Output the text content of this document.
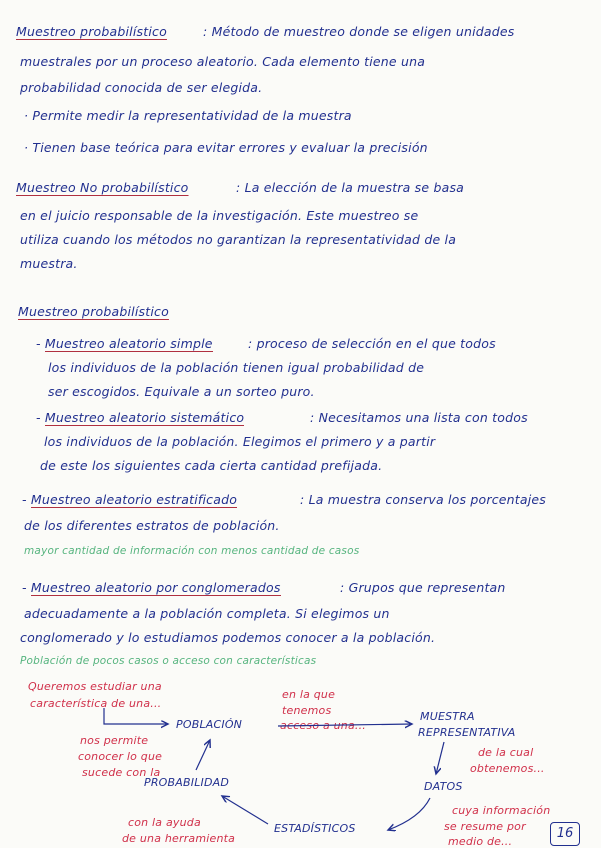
Muestreo probabilístico	: Método de muestreo donde se eligen unidades
muestrales por un proceso aleatorio. Cada elemento tiene una
probabilidad conocida de ser elegida.
· Permite medir la representatividad de la muestra
· Tienen base teórica para evitar errores y evaluar la precisión
Muestreo No probabilístico	: La elección de la muestra se basa
en el juicio responsable de la investigación. Este muestreo se
utiliza cuando los métodos no garantizan la representatividad de la
muestra.
Muestreo probabilístico
- Muestreo aleatorio simple	: proceso de selección en el que todos
los individuos de la población tienen igual probabilidad de
ser escogidos. Equivale a un sorteo puro.
- Muestreo aleatorio sistemático	: Necesitamos una lista con todos
los individuos de la población. Elegimos el primero y a partir
de este los siguientes cada cierta cantidad prefijada.
- Muestreo aleatorio estratificado	: La muestra conserva los porcentajes
de los diferentes estratos de población.
mayor cantidad de información con menos cantidad de casos
- Muestreo aleatorio por conglomerados	: Grupos que representan
adecuadamente a la población completa. Si elegimos un
conglomerado y lo estudiamos podemos conocer a la población.
Población de pocos casos o acceso con características
Queremos estudiar una
característica de una...
POBLACIÓN
en la que
tenemos
acceso a una...
MUESTRA
REPRESENTATIVA
de la cual
obtenemos...
DATOS
cuya información
se resume por
medio de...
ESTADÍSTICOS
con la ayuda
de una herramienta
PROBABILIDAD
nos permite
conocer lo que
sucede con la
16
